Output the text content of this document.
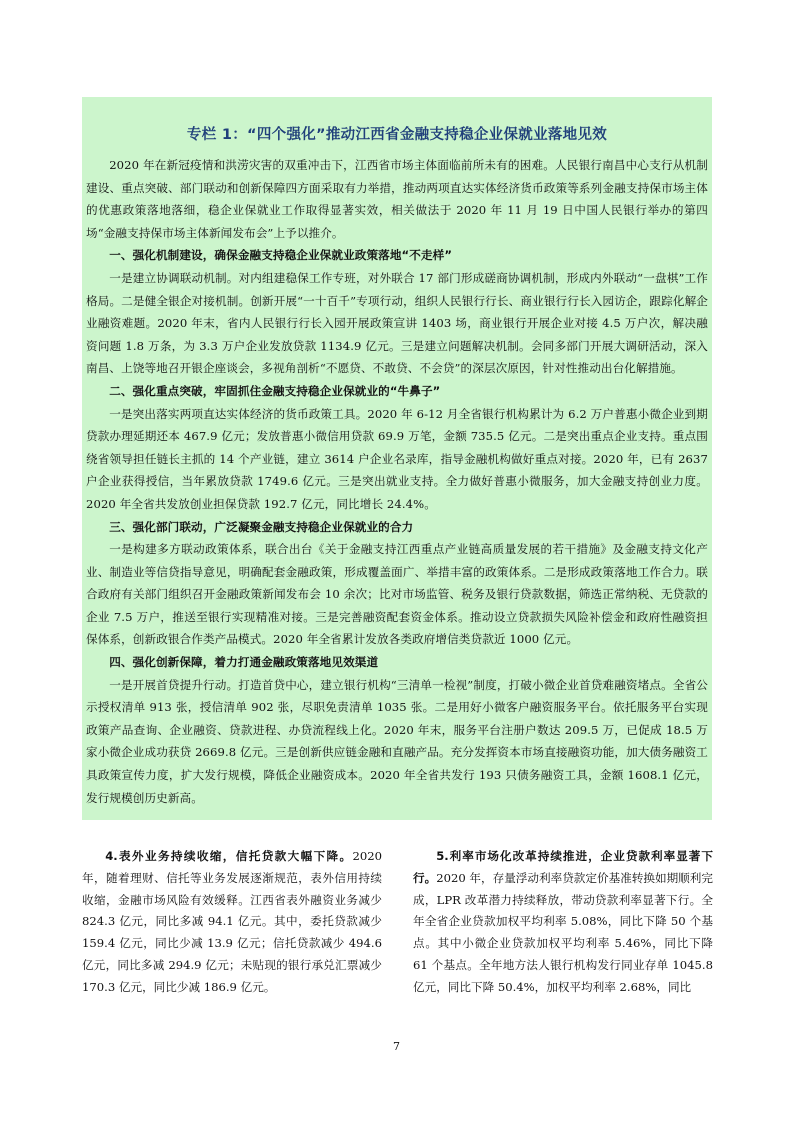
专栏 1：“四个强化”推动江西省金融支持稳企业保就业落地见效

2020 年在新冠疫情和洪涝灾害的双重冲击下，江西省市场主体面临前所未有的困难。人民银行南昌中心支行从机制建设、重点突破、部门联动和创新保障四方面采取有力举措，推动两项直达实体经济货币政策等系列金融支持保市场主体的优惠政策落地落细，稳企业保就业工作取得显著实效，相关做法于 2020 年 11 月 19 日中国人民银行举办的第四场“金融支持保市场主体新闻发布会”上予以推介。

一、强化机制建设，确保金融支持稳企业保就业政策落地“不走样”

一是建立协调联动机制。对内组建稳保工作专班，对外联合 17 部门形成磋商协调机制，形成内外联动“一盘棋”工作格局。二是健全银企对接机制。创新开展“一十百千”专项行动，组织人民银行行长、商业银行行长入园访企，跟踪化解企业融资难题。2020 年末，省内人民银行行长入园开展政策宣讲 1403 场，商业银行开展企业对接 4.5 万户次，解决融资问题 1.8 万条，为 3.3 万户企业发放贷款 1134.9 亿元。三是建立问题解决机制。会同多部门开展大调研活动，深入南昌、上饶等地召开银企座谈会，多视角剖析“不愿贷、不敢贷、不会贷”的深层次原因，针对性推动出台化解措施。

二、强化重点突破，牢固抓住金融支持稳企业保就业的“牛鼻子”

一是突出落实两项直达实体经济的货币政策工具。2020 年 6-12 月全省银行机构累计为 6.2 万户普惠小微企业到期贷款办理延期还本 467.9 亿元；发放普惠小微信用贷款 69.9 万笔，金额 735.5 亿元。二是突出重点企业支持。重点围绕省领导担任链长主抓的 14 个产业链，建立 3614 户企业名录库，指导金融机构做好重点对接。2020 年，已有 2637 户企业获得授信，当年累放贷款 1749.6 亿元。三是突出就业支持。全力做好普惠小微服务，加大金融支持创业力度。2020 年全省共发放创业担保贷款 192.7 亿元，同比增长 24.4%。

三、强化部门联动，广泛凝聚金融支持稳企业保就业的合力

一是构建多方联动政策体系，联合出台《关于金融支持江西重点产业链高质量发展的若干措施》及金融支持文化产业、制造业等信贷指导意见，明确配套金融政策，形成覆盖面广、举措丰富的政策体系。二是形成政策落地工作合力。联合政府有关部门组织召开金融政策新闻发布会 10 余次；比对市场监管、税务及银行贷款数据，筛选正常纳税、无贷款的企业 7.5 万户，推送至银行实现精准对接。三是完善融资配套资金体系。推动设立贷款损失风险补偿金和政府性融资担保体系，创新政银合作类产品模式。2020 年全省累计发放各类政府增信类贷款近 1000 亿元。

四、强化创新保障，着力打通金融政策落地见效渠道

一是开展首贷提升行动。打造首贷中心，建立银行机构“三清单一检视”制度，打破小微企业首贷难融资堵点。全省公示授权清单 913 张，授信清单 902 张，尽职免责清单 1035 张。二是用好小微客户融资服务平台。依托服务平台实现政策产品查询、企业融资、贷款进程、办贷流程线上化。2020 年末，服务平台注册户数达 209.5 万，已促成 18.5 万家小微企业成功获贷 2669.8 亿元。三是创新供应链金融和直融产品。充分发挥资本市场直接融资功能，加大债务融资工具政策宣传力度，扩大发行规模，降低企业融资成本。2020 年全省共发行 193 只债务融资工具，金额 1608.1 亿元，发行规模创历史新高。

4.表外业务持续收缩，信托贷款大幅下降。2020 年，随着理财、信托等业务发展逐渐规范，表外信用持续收缩，金融市场风险有效缓释。江西省表外融资业务减少 824.3 亿元，同比多减 94.1 亿元。其中，委托贷款减少 159.4 亿元，同比少减 13.9 亿元；信托贷款减少 494.6 亿元，同比多减 294.9 亿元；未贴现的银行承兑汇票减少 170.3 亿元，同比少减 186.9 亿元。

5.利率市场化改革持续推进，企业贷款利率显著下行。2020 年，存量浮动利率贷款定价基准转换如期顺利完成，LPR 改革潜力持续释放，带动贷款利率显著下行。全年全省企业贷款加权平均利率 5.08%，同比下降 50 个基点。其中小微企业贷款加权平均利率 5.46%，同比下降 61 个基点。全年地方法人银行机构发行同业存单 1045.8 亿元，同比下降 50.4%，加权平均利率 2.68%，同比

7
